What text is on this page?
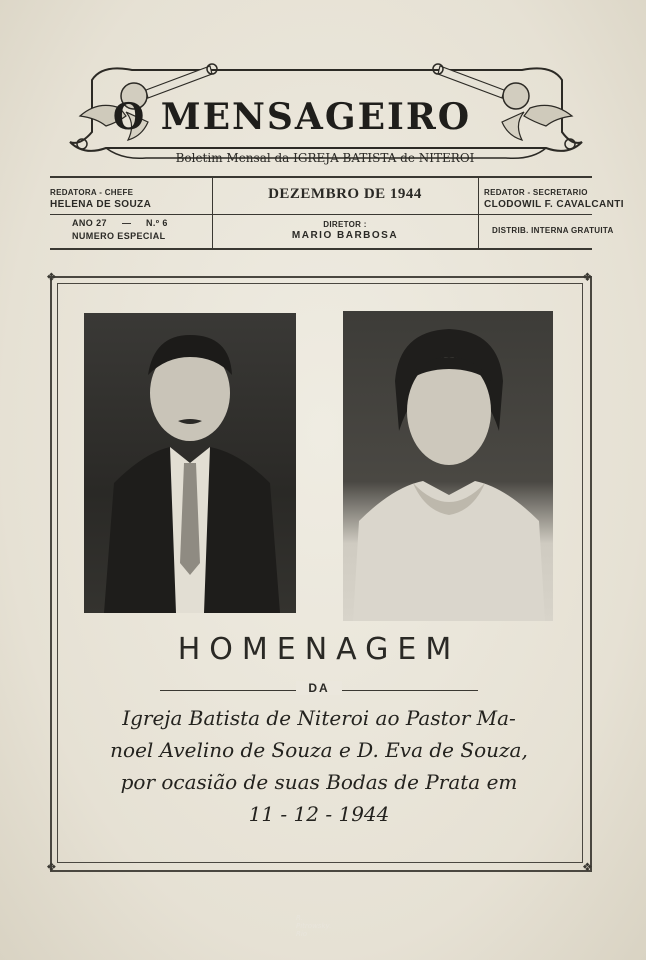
O MENSAGEIRO
Boletim Mensal da IGREJA BATISTA de NITEROI
REDATORA - CHEFE
HELENA DE SOUZA
ANO 27 — N.º 6
NUMERO ESPECIAL
DEZEMBRO DE 1944
DIRETOR :
MARIO BARBOSA
REDATOR - SECRETARIO
CLODOWIL F. CAVALCANTI
DISTRIB. INTERNA GRATUITA
❖	❖
❖	❖
R. Pitrowsky. Rio
HOMENAGEM
DA
Igreja Batista de Niteroi ao Pastor Ma-
noel Avelino de Souza e D. Eva de Souza,
por ocasião de suas Bodas de Prata em
11 - 12 - 1944
